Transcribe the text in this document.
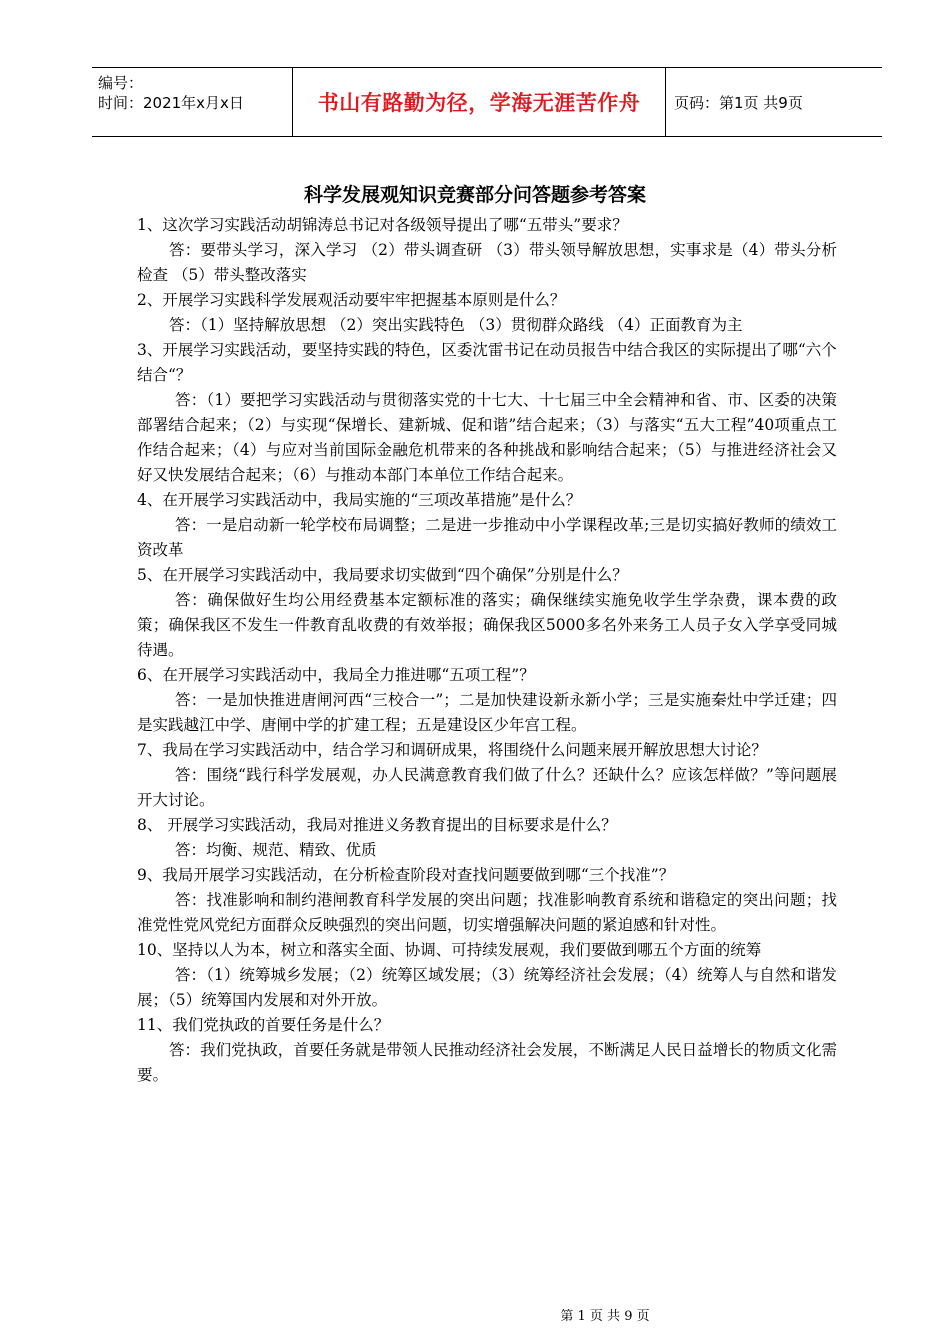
编号：
时间：2021年x月x日	书山有路勤为径，学海无涯苦作舟 页码：第1页 共9页
科学发展观知识竞赛部分问答题参考答案

1、这次学习实践活动胡锦涛总书记对各级领导提出了哪“五带头”要求？

答：要带头学习，深入学习 （2）带头调查研 （3）带头领导解放思想，实事求是（4）带头分析检查 （5）带头整改落实

2、开展学习实践科学发展观活动要牢牢把握基本原则是什么？

答：（1）坚持解放思想 （2）突出实践特色 （3）贯彻群众路线 （4）正面教育为主

3、开展学习实践活动，要坚持实践的特色，区委沈雷书记在动员报告中结合我区的实际提出了哪“六个结合“？

答：（1）要把学习实践活动与贯彻落实党的十七大、十七届三中全会精神和省、市、区委的决策部署结合起来；（2）与实现“保增长、建新城、促和谐”结合起来；（3）与落实“五大工程”40项重点工作结合起来；（4）与应对当前国际金融危机带来的各种挑战和影响结合起来；（5）与推进经济社会又好又快发展结合起来；（6）与推动本部门本单位工作结合起来。

4、在开展学习实践活动中，我局实施的“三项改革措施”是什么？

答：一是启动新一轮学校布局调整；二是进一步推动中小学课程改革;三是切实搞好教师的绩效工资改革

5、在开展学习实践活动中，我局要求切实做到“四个确保”分别是什么？

答：确保做好生均公用经费基本定额标准的落实；确保继续实施免收学生学杂费，课本费的政策；确保我区不发生一件教育乱收费的有效举报；确保我区5000多名外来务工人员子女入学享受同城待遇。

6、在开展学习实践活动中，我局全力推进哪“五项工程”？

答：一是加快推进唐闸河西“三校合一”；二是加快建设新永新小学；三是实施秦灶中学迁建；四是实践越江中学、唐闸中学的扩建工程；五是建设区少年宫工程。

7、我局在学习实践活动中，结合学习和调研成果，将围绕什么问题来展开解放思想大讨论？

答：围绕“践行科学发展观，办人民满意教育我们做了什么？还缺什么？应该怎样做？”等问题展开大讨论。

8、 开展学习实践活动，我局对推进义务教育提出的目标要求是什么？

答：均衡、规范、精致、优质

9、我局开展学习实践活动，在分析检查阶段对查找问题要做到哪“三个找准”？

答：找准影响和制约港闸教育科学发展的突出问题；找准影响教育系统和谐稳定的突出问题；找准党性党风党纪方面群众反映强烈的突出问题，切实增强解决问题的紧迫感和针对性。

10、坚持以人为本，树立和落实全面、协调、可持续发展观，我们要做到哪五个方面的统筹

答：（1）统筹城乡发展；（2）统筹区域发展；（3）统筹经济社会发展；（4）统筹人与自然和谐发展；（5）统筹国内发展和对外开放。

11、我们党执政的首要任务是什么？

答：我们党执政，首要任务就是带领人民推动经济社会发展，不断满足人民日益增长的物质文化需要。

第 1 页 共 9 页
